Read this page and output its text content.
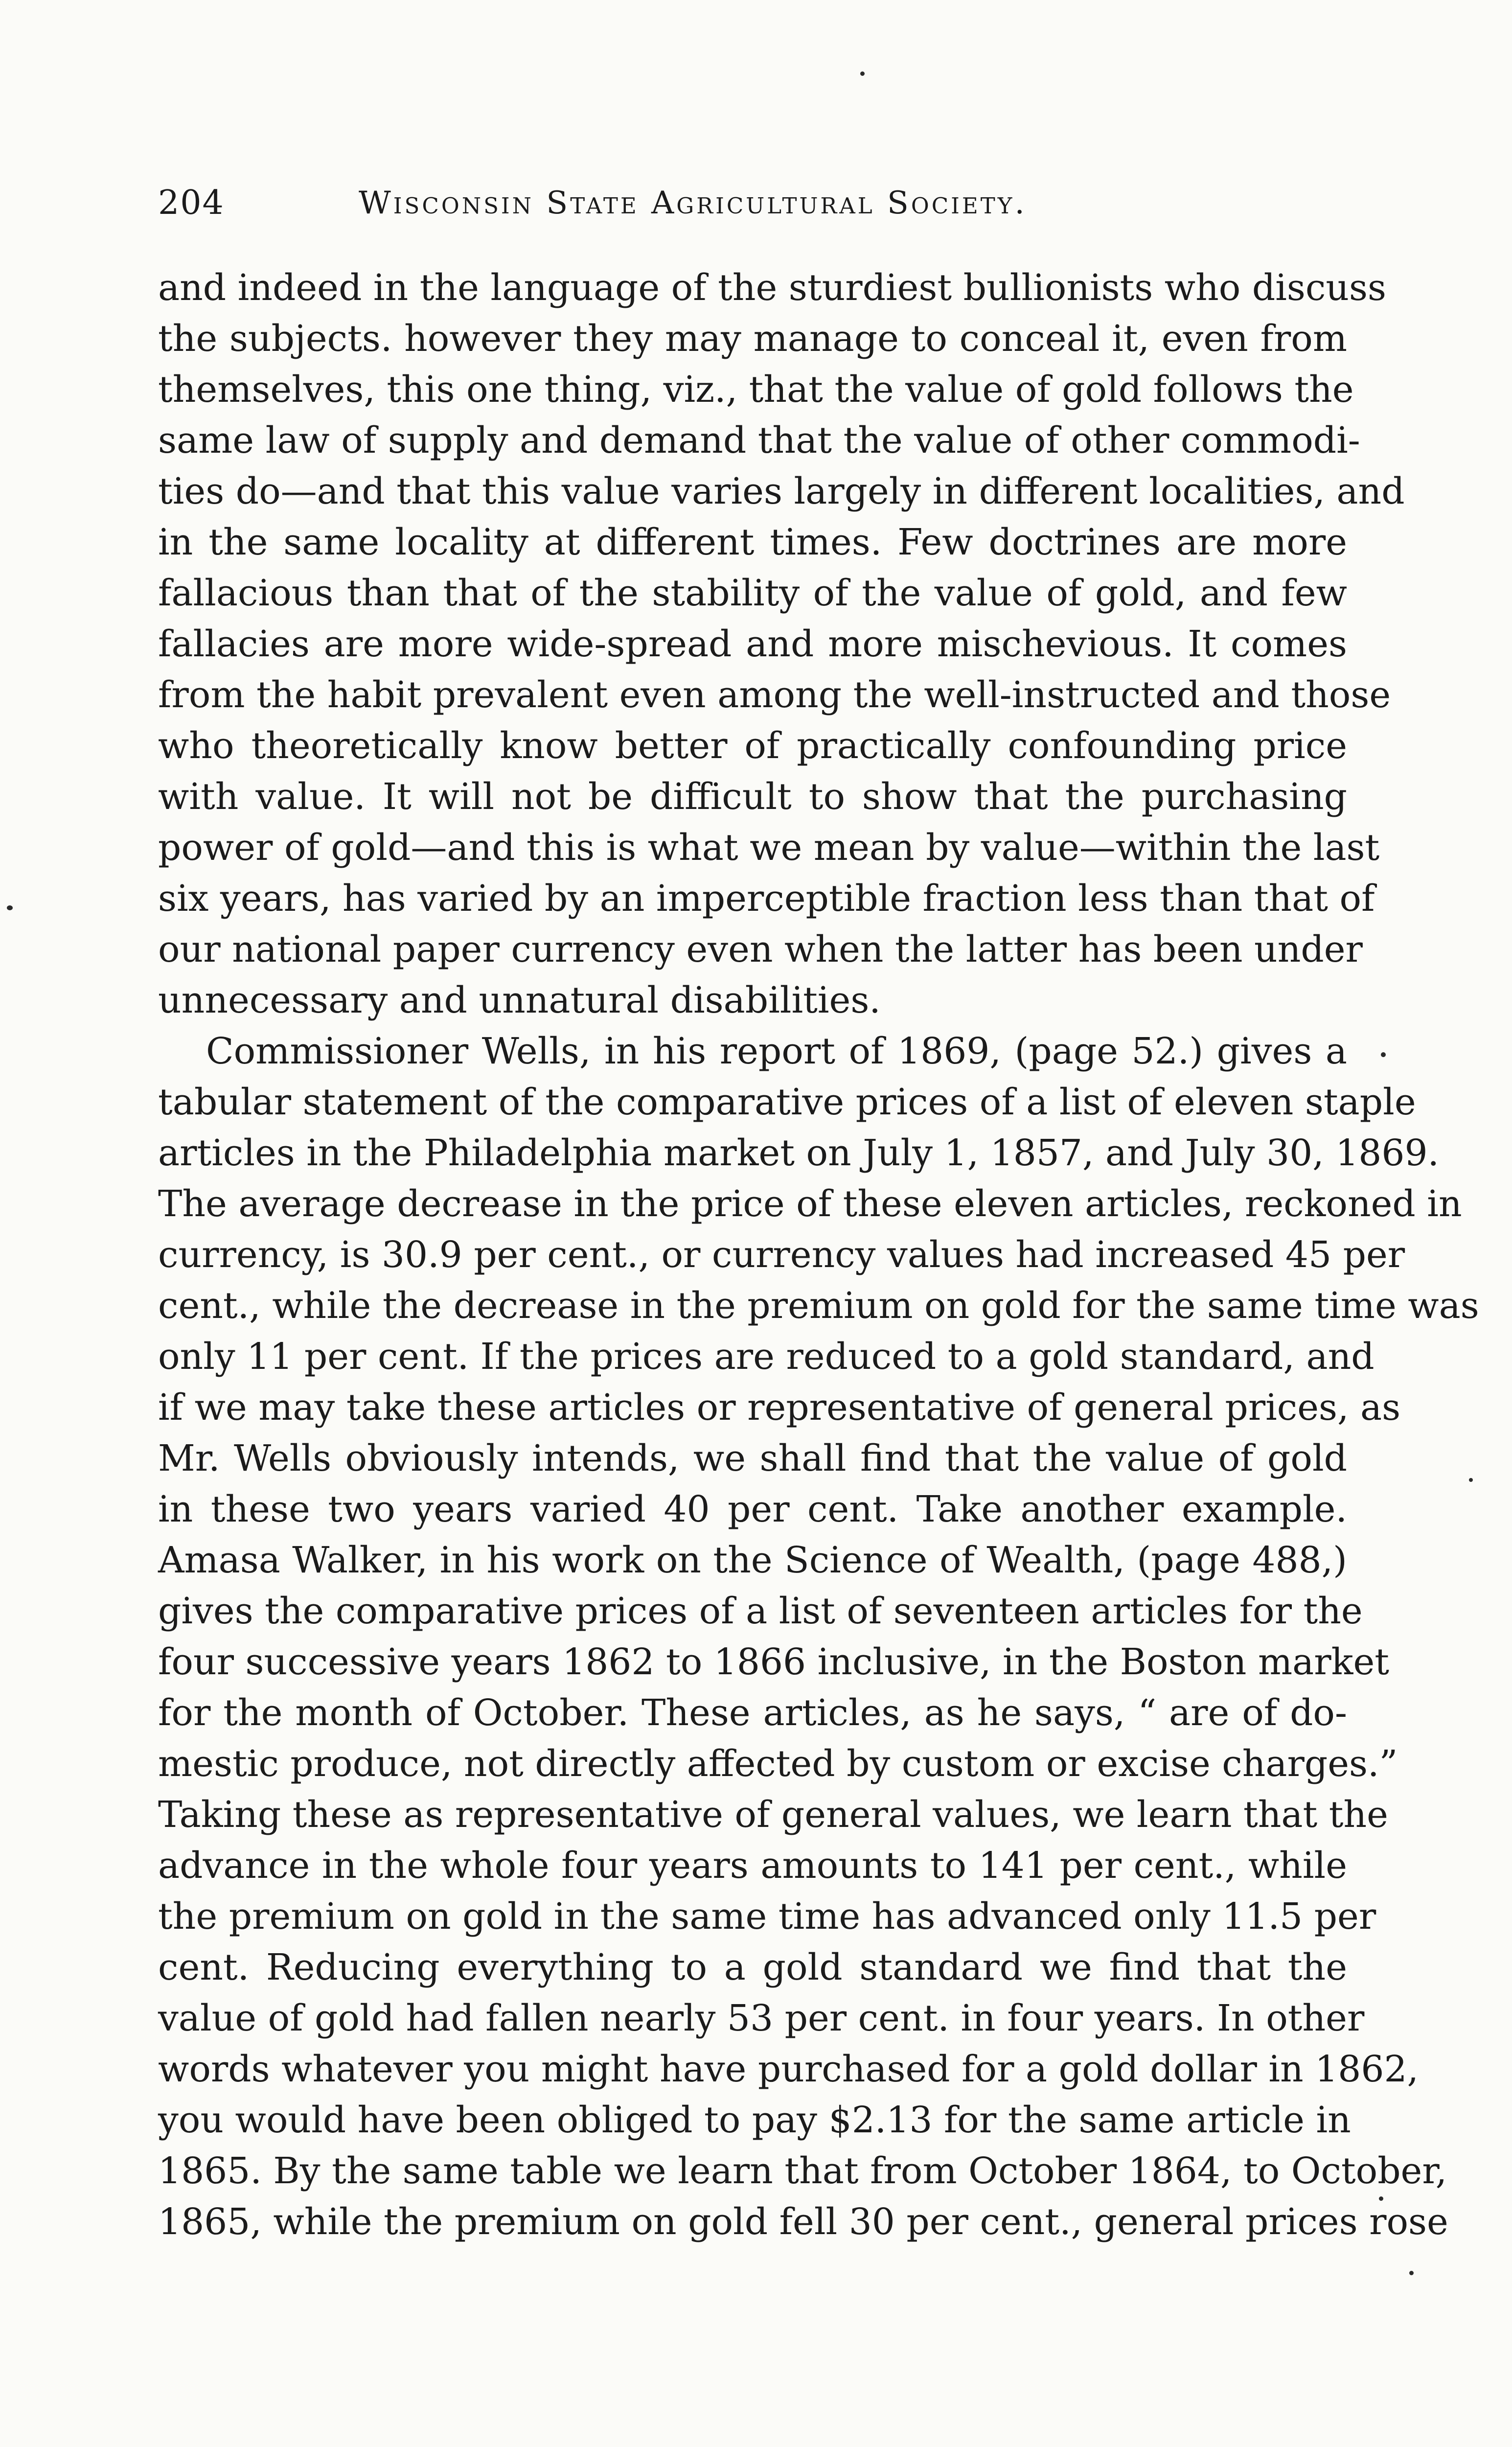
204	Wisconsin State Agricultural Society.
and indeed in the language of the sturdiest bullionists who discuss
the subjects. however they may manage to conceal it, even from
themselves, this one thing, viz., that the value of gold follows the
same law of supply and demand that the value of other commodi-
ties do—and that this value varies largely in different localities, and
in the same locality at different times. Few doctrines are more
fallacious than that of the stability of the value of gold, and few
fallacies are more wide-spread and more mischevious. It comes
from the habit prevalent even among the well-instructed and those
who theoretically know better of practically confounding price
with value. It will not be difficult to show that the purchasing
power of gold—and this is what we mean by value—within the last
six years, has varied by an imperceptible fraction less than that of
our national paper currency even when the latter has been under
unnecessary and unnatural disabilities.
Commissioner Wells, in his report of 1869, (page 52.) gives a
tabular statement of the comparative prices of a list of eleven staple
articles in the Philadelphia market on July 1, 1857, and July 30, 1869.
The average decrease in the price of these eleven articles, reckoned in
currency, is 30.9 per cent., or currency values had increased 45 per
cent., while the decrease in the premium on gold for the same time was
only 11 per cent. If the prices are reduced to a gold standard, and
if we may take these articles or representative of general prices, as
Mr. Wells obviously intends, we shall find that the value of gold
in these two years varied 40 per cent. Take another example.
Amasa Walker, in his work on the Science of Wealth, (page 488,)
gives the comparative prices of a list of seventeen articles for the
four successive years 1862 to 1866 inclusive, in the Boston market
for the month of October. These articles, as he says, “ are of do-
mestic produce, not directly affected by custom or excise charges.”
Taking these as representative of general values, we learn that the
advance in the whole four years amounts to 141 per cent., while
the premium on gold in the same time has advanced only 11.5 per
cent. Reducing everything to a gold standard we find that the
value of gold had fallen nearly 53 per cent. in four years. In other
words whatever you might have purchased for a gold dollar in 1862,
you would have been obliged to pay $2.13 for the same article in
1865. By the same table we learn that from October 1864, to October,
1865, while the premium on gold fell 30 per cent., general prices rose
